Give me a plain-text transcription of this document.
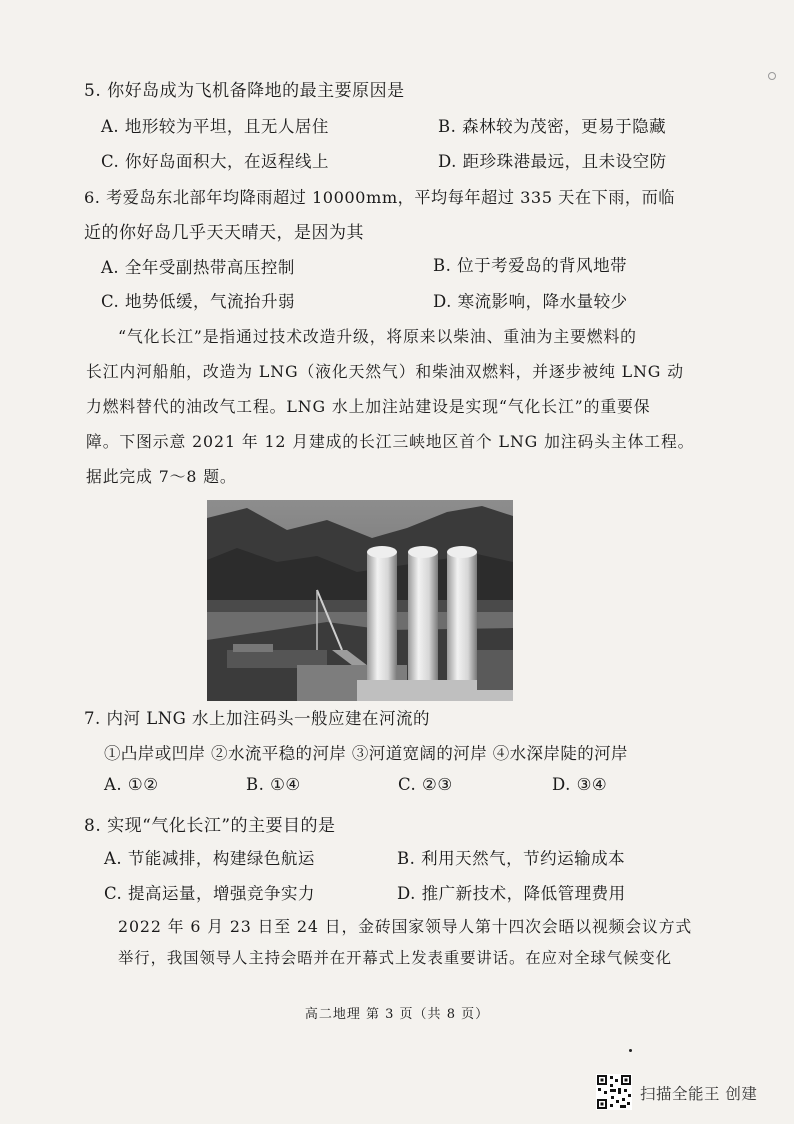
5. 你好岛成为飞机备降地的最主要原因是
A. 地形较为平坦，且无人居住	B. 森林较为茂密，更易于隐藏
C. 你好岛面积大，在返程线上	D. 距珍珠港最远，且未设空防
6. 考爱岛东北部年均降雨超过 10000mm，平均每年超过 335 天在下雨，而临
近的你好岛几乎天天晴天，是因为其
A. 全年受副热带高压控制	B. 位于考爱岛的背风地带
C. 地势低缓，气流抬升弱	D. 寒流影响，降水量较少
“气化长江”是指通过技术改造升级，将原来以柴油、重油为主要燃料的
长江内河船舶，改造为 LNG（液化天然气）和柴油双燃料，并逐步被纯 LNG 动
力燃料替代的油改气工程。LNG 水上加注站建设是实现“气化长江”的重要保
障。下图示意 2021 年 12 月建成的长江三峡地区首个 LNG 加注码头主体工程。
据此完成 7～8 题。
7. 内河 LNG 水上加注码头一般应建在河流的
①凸岸或凹岸 ②水流平稳的河岸 ③河道宽阔的河岸 ④水深岸陡的河岸
A. ①②	B. ①④	C. ②③	D. ③④
8. 实现“气化长江”的主要目的是
A. 节能减排，构建绿色航运	B. 利用天然气，节约运输成本
C. 提高运量，增强竞争实力	D. 推广新技术，降低管理费用
2022 年 6 月 23 日至 24 日，金砖国家领导人第十四次会晤以视频会议方式
举行，我国领导人主持会晤并在开幕式上发表重要讲话。在应对全球气候变化
高二地理 第 3 页（共 8 页）
扫描全能王 创建
